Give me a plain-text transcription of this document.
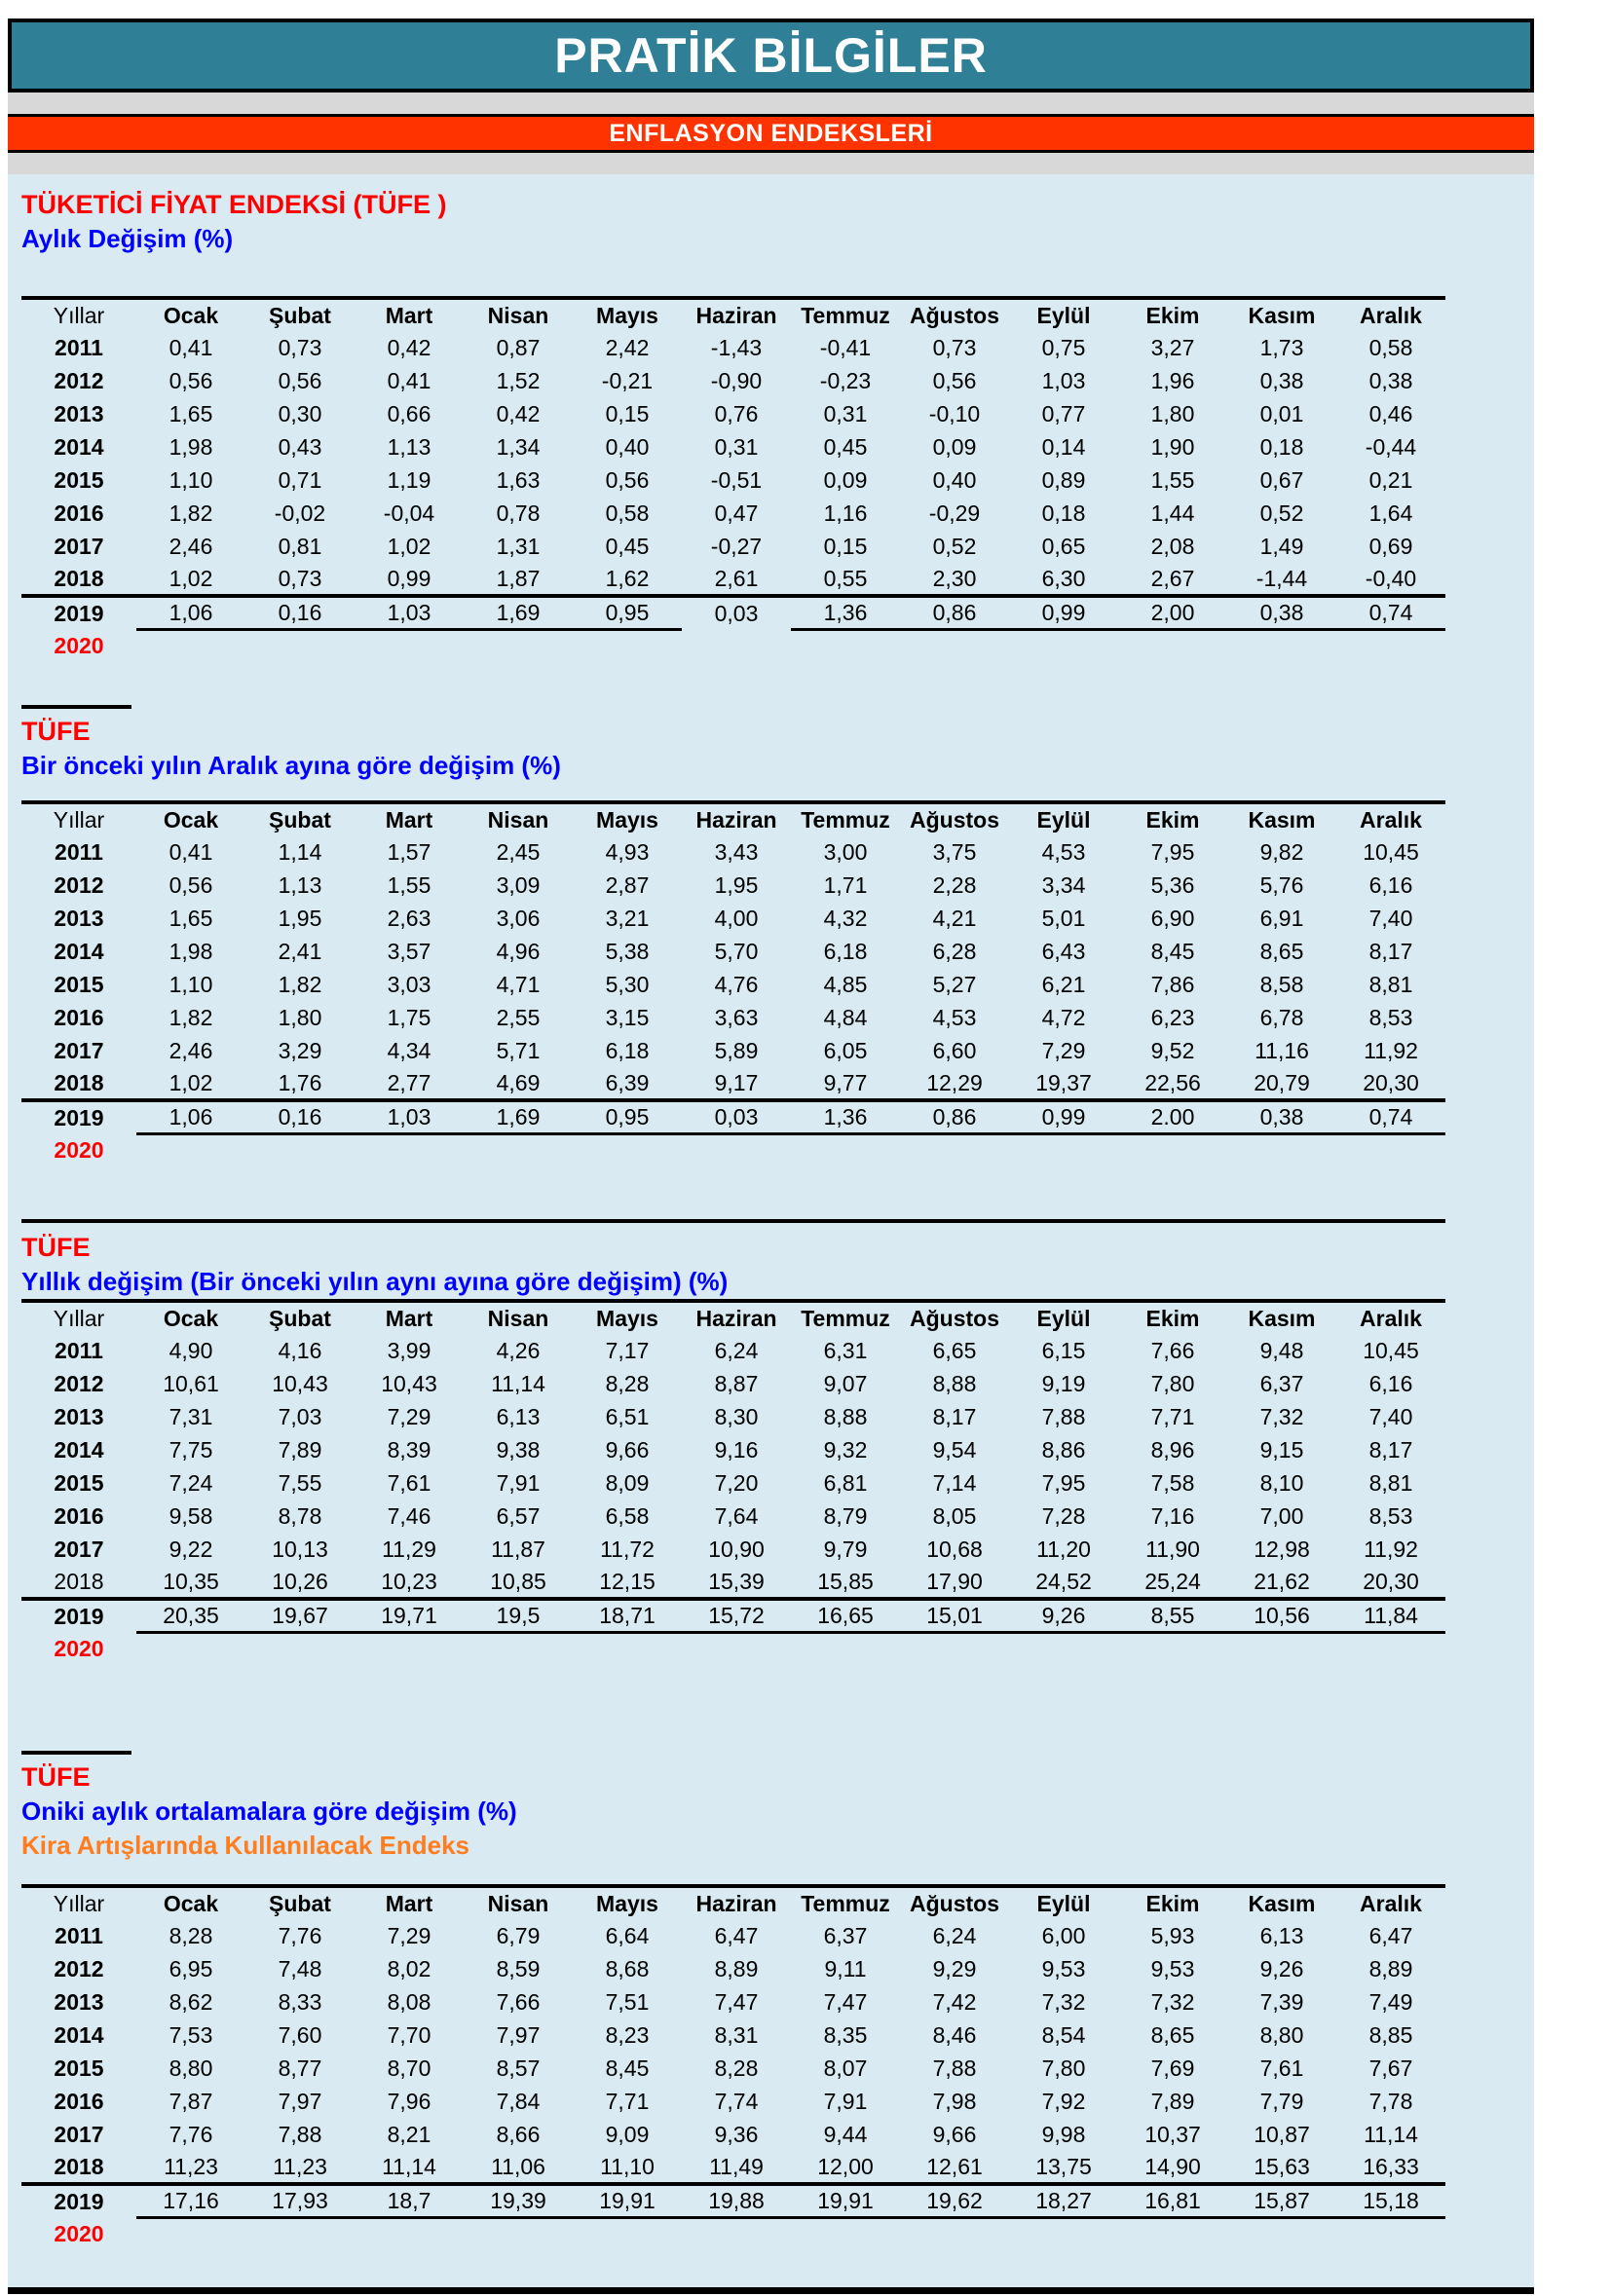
PRATİK BİLGİLER
ENFLASYON ENDEKSLERİ

TÜKETİCİ FİYAT ENDEKSİ (TÜFE )

Aylık Değişim (%)

Yıllar	Ocak	Şubat	Mart	Nisan	Mayıs	Haziran	Temmuz	Ağustos	Eylül	Ekim	Kasım	Aralık
2011	0,41	0,73	0,42	0,87	2,42	-1,43	-0,41	0,73	0,75	3,27	1,73	0,58
2012	0,56	0,56	0,41	1,52	-0,21	-0,90	-0,23	0,56	1,03	1,96	0,38	0,38
2013	1,65	0,30	0,66	0,42	0,15	0,76	0,31	-0,10	0,77	1,80	0,01	0,46
2014	1,98	0,43	1,13	1,34	0,40	0,31	0,45	0,09	0,14	1,90	0,18	-0,44
2015	1,10	0,71	1,19	1,63	0,56	-0,51	0,09	0,40	0,89	1,55	0,67	0,21
2016	1,82	-0,02	-0,04	0,78	0,58	0,47	1,16	-0,29	0,18	1,44	0,52	1,64
2017	2,46	0,81	1,02	1,31	0,45	-0,27	0,15	0,52	0,65	2,08	1,49	0,69
2018	1,02	0,73	0,99	1,87	1,62	2,61	0,55	2,30	6,30	2,67	-1,44	-0,40
2019	1,06	0,16	1,03	1,69	0,95	0,03	1,36	0,86	0,99	2,00	0,38	0,74
2020												

TÜFE

Bir önceki yılın Aralık ayına göre değişim (%)

Yıllar	Ocak	Şubat	Mart	Nisan	Mayıs	Haziran	Temmuz	Ağustos	Eylül	Ekim	Kasım	Aralık
2011	0,41	1,14	1,57	2,45	4,93	3,43	3,00	3,75	4,53	7,95	9,82	10,45
2012	0,56	1,13	1,55	3,09	2,87	1,95	1,71	2,28	3,34	5,36	5,76	6,16
2013	1,65	1,95	2,63	3,06	3,21	4,00	4,32	4,21	5,01	6,90	6,91	7,40
2014	1,98	2,41	3,57	4,96	5,38	5,70	6,18	6,28	6,43	8,45	8,65	8,17
2015	1,10	1,82	3,03	4,71	5,30	4,76	4,85	5,27	6,21	7,86	8,58	8,81
2016	1,82	1,80	1,75	2,55	3,15	3,63	4,84	4,53	4,72	6,23	6,78	8,53
2017	2,46	3,29	4,34	5,71	6,18	5,89	6,05	6,60	7,29	9,52	11,16	11,92
2018	1,02	1,76	2,77	4,69	6,39	9,17	9,77	12,29	19,37	22,56	20,79	20,30
2019	1,06	0,16	1,03	1,69	0,95	0,03	1,36	0,86	0,99	2.00	0,38	0,74
2020												

TÜFE

Yıllık değişim (Bir önceki yılın aynı ayına göre değişim) (%)

Yıllar	Ocak	Şubat	Mart	Nisan	Mayıs	Haziran	Temmuz	Ağustos	Eylül	Ekim	Kasım	Aralık
2011	4,90	4,16	3,99	4,26	7,17	6,24	6,31	6,65	6,15	7,66	9,48	10,45
2012	10,61	10,43	10,43	11,14	8,28	8,87	9,07	8,88	9,19	7,80	6,37	6,16
2013	7,31	7,03	7,29	6,13	6,51	8,30	8,88	8,17	7,88	7,71	7,32	7,40
2014	7,75	7,89	8,39	9,38	9,66	9,16	9,32	9,54	8,86	8,96	9,15	8,17
2015	7,24	7,55	7,61	7,91	8,09	7,20	6,81	7,14	7,95	7,58	8,10	8,81
2016	9,58	8,78	7,46	6,57	6,58	7,64	8,79	8,05	7,28	7,16	7,00	8,53
2017	9,22	10,13	11,29	11,87	11,72	10,90	9,79	10,68	11,20	11,90	12,98	11,92
2018	10,35	10,26	10,23	10,85	12,15	15,39	15,85	17,90	24,52	25,24	21,62	20,30
2019	20,35	19,67	19,71	19,5	18,71	15,72	16,65	15,01	9,26	8,55	10,56	11,84
2020												

TÜFE

Oniki aylık ortalamalara göre değişim (%)

Kira Artışlarında Kullanılacak Endeks

Yıllar	Ocak	Şubat	Mart	Nisan	Mayıs	Haziran	Temmuz	Ağustos	Eylül	Ekim	Kasım	Aralık
2011	8,28	7,76	7,29	6,79	6,64	6,47	6,37	6,24	6,00	5,93	6,13	6,47
2012	6,95	7,48	8,02	8,59	8,68	8,89	9,11	9,29	9,53	9,53	9,26	8,89
2013	8,62	8,33	8,08	7,66	7,51	7,47	7,47	7,42	7,32	7,32	7,39	7,49
2014	7,53	7,60	7,70	7,97	8,23	8,31	8,35	8,46	8,54	8,65	8,80	8,85
2015	8,80	8,77	8,70	8,57	8,45	8,28	8,07	7,88	7,80	7,69	7,61	7,67
2016	7,87	7,97	7,96	7,84	7,71	7,74	7,91	7,98	7,92	7,89	7,79	7,78
2017	7,76	7,88	8,21	8,66	9,09	9,36	9,44	9,66	9,98	10,37	10,87	11,14
2018	11,23	11,23	11,14	11,06	11,10	11,49	12,00	12,61	13,75	14,90	15,63	16,33
2019	17,16	17,93	18,7	19,39	19,91	19,88	19,91	19,62	18,27	16,81	15,87	15,18
2020												
